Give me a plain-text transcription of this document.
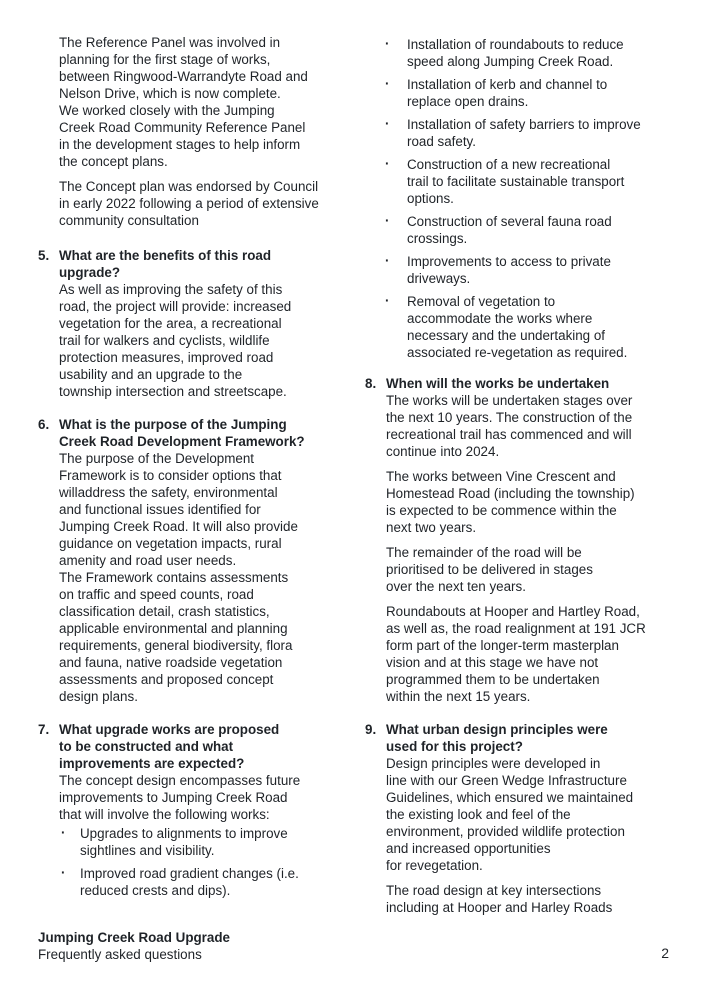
The Reference Panel was involved in
planning for the first stage of works,
between Ringwood-Warrandyte Road and
Nelson Drive, which is now complete.
We worked closely with the Jumping
Creek Road Community Reference Panel
in the development stages to help inform
the concept plans.

The Concept plan was endorsed by Council
in early 2022 following a period of extensive
community consultation

5. What are the benefits of this road
upgrade?

As well as improving the safety of this
road, the project will provide: increased
vegetation for the area, a recreational
trail for walkers and cyclists, wildlife
protection measures, improved road
usability and an upgrade to the
township intersection and streetscape.

6. What is the purpose of the Jumping
Creek Road Development Framework?

The purpose of the Development
Framework is to consider options that
willaddress the safety, environmental
and functional issues identified for
Jumping Creek Road. It will also provide
guidance on vegetation impacts, rural
amenity and road user needs.
The Framework contains assessments
on traffic and speed counts, road
classification detail, crash statistics,
applicable environmental and planning
requirements, general biodiversity, flora
and fauna, native roadside vegetation
assessments and proposed concept
design plans.

7. What upgrade works are proposed
to be constructed and what
improvements are expected?

The concept design encompasses future
improvements to Jumping Creek Road
that will involve the following works:

· Upgrades to alignments to improve
sightlines and visibility.
· Improved road gradient changes (i.e.
reduced crests and dips).
· Installation of roundabouts to reduce
speed along Jumping Creek Road.
· Installation of kerb and channel to
replace open drains.
· Installation of safety barriers to improve
road safety.
· Construction of a new recreational
trail to facilitate sustainable transport
options.
· Construction of several fauna road
crossings.
· Improvements to access to private
driveways.
· Removal of vegetation to
accommodate the works where
necessary and the undertaking of
associated re-vegetation as required.
8. When will the works be undertaken

The works will be undertaken stages over
the next 10 years. The construction of the
recreational trail has commenced and will
continue into 2024.

The works between Vine Crescent and
Homestead Road (including the township)
is expected to be commence within the
next two years.

The remainder of the road will be
prioritised to be delivered in stages
over the next ten years.

Roundabouts at Hooper and Hartley Road,
as well as, the road realignment at 191 JCR
form part of the longer-term masterplan
vision and at this stage we have not
programmed them to be undertaken
within the next 15 years.

9. What urban design principles were
used for this project?

Design principles were developed in
line with our Green Wedge Infrastructure
Guidelines, which ensured we maintained
the existing look and feel of the
environment, provided wildlife protection
and increased opportunities
for revegetation.

The road design at key intersections
including at Hooper and Harley Roads

Jumping Creek Road Upgrade
Frequently asked questions	2
